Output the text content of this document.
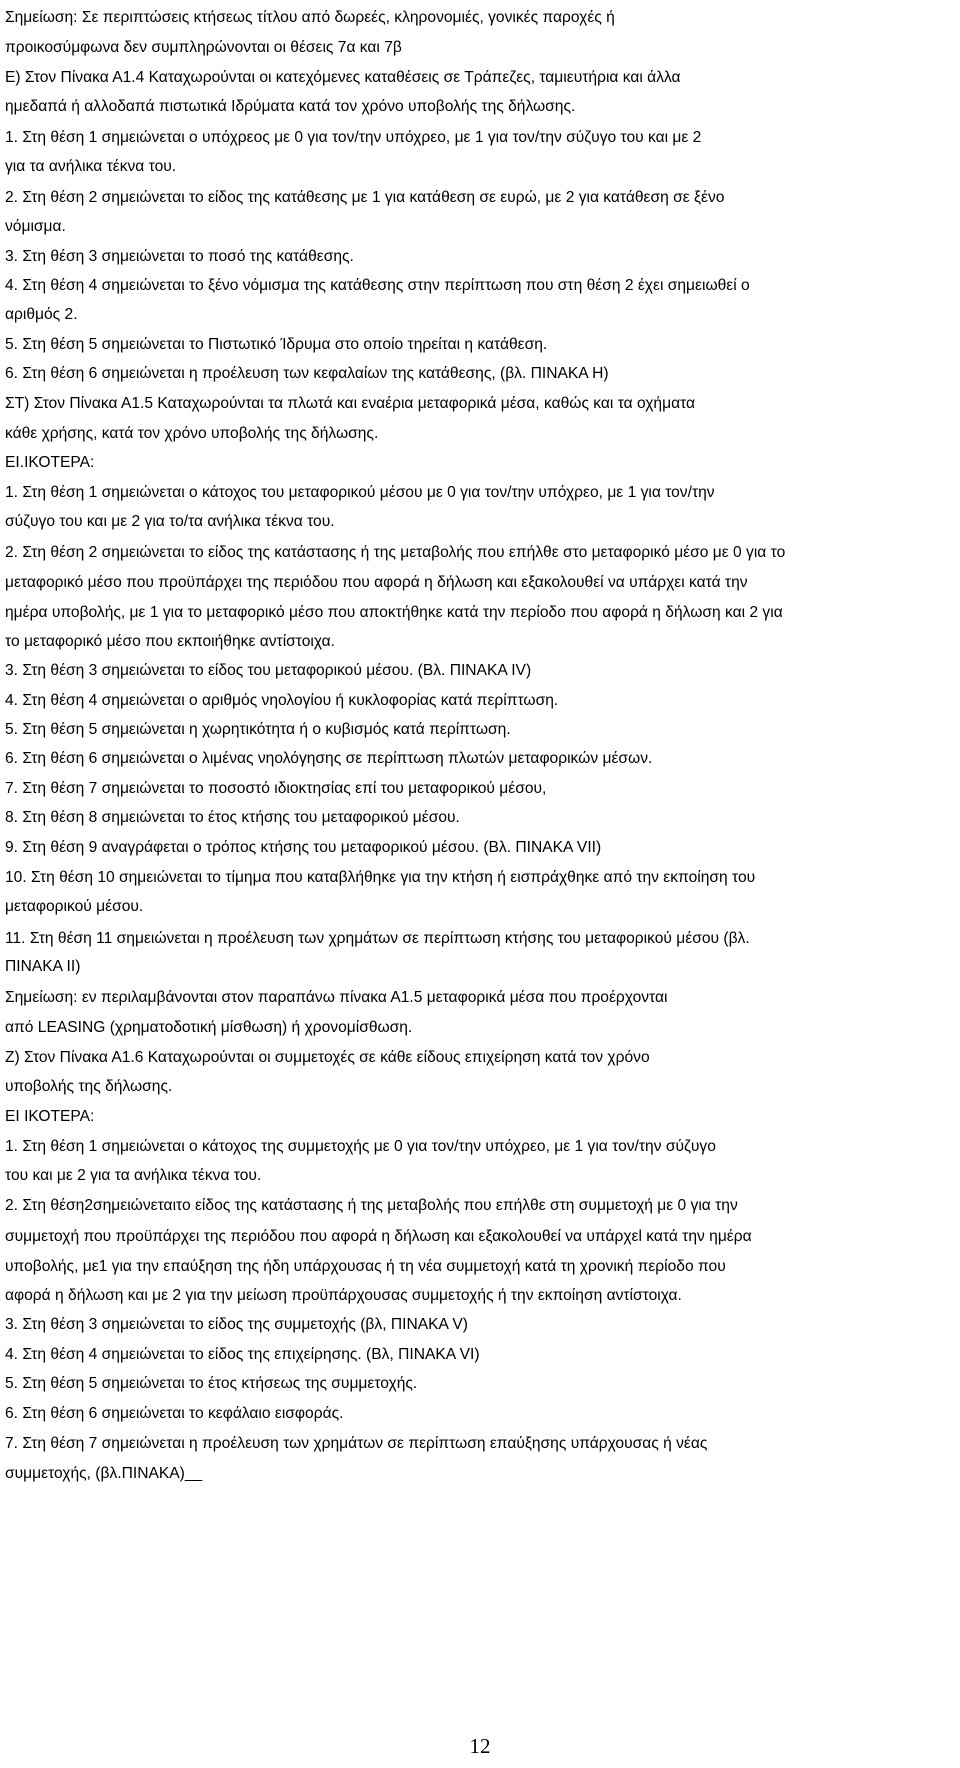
Σημείωση: Σε περιπτώσεις κτήσεως τίτλου από δωρεές, κληρονομιές, γονικές παροχές ή
προικοσύμφωνα δεν συμπληρώνονται οι θέσεις 7α και 7β
Ε) Στον Πίνακα Α1.4 Καταχωρούνται οι κατεχόμενες καταθέσεις σε Τράπεζες, ταμιευτήρια και άλλα
ημεδαπά ή αλλοδαπά πιστωτικά Ιδρύματα κατά τον χρόνο υποβολής της δήλωσης.
1. Στη θέση 1 σημειώνεται ο υπόχρεος με 0 για τον/την υπόχρεο, με 1 για τον/την σύζυγο του και με 2
για τα ανήλικα τέκνα του.
2. Στη θέση 2 σημειώνεται το είδος της κατάθεσης με 1 για κατάθεση σε ευρώ, με 2 για κατάθεση σε ξένο
νόμισμα.
3. Στη θέση 3 σημειώνεται το ποσό της κατάθεσης.
4. Στη θέση 4 σημειώνεται το ξένο νόμισμα της κατάθεσης στην περίπτωση που στη θέση 2 έχει σημειωθεί ο
αριθμός 2.
5. Στη θέση 5 σημειώνεται το Πιστωτικό Ίδρυμα στο οποίο τηρείται η κατάθεση.
6. Στη θέση 6 σημειώνεται η προέλευση των κεφαλαίων της κατάθεσης, (βλ. ΠΙΝΑΚΑ Η)
ΣΤ) Στον Πίνακα Α1.5 Καταχωρούνται τα πλωτά και εναέρια μεταφορικά μέσα, καθώς και τα οχήματα
κάθε χρήσης, κατά τον χρόνο υποβολής της δήλωσης.
ΕΙ.ΙΚΟΤΕΡΑ:
1. Στη θέση 1 σημειώνεται ο κάτοχος του μεταφορικού μέσου με 0 για τον/την υπόχρεο, με 1 για τον/την
σύζυγο του και με 2 για το/τα ανήλικα τέκνα του.
2. Στη θέση 2 σημειώνεται το είδος της κατάστασης ή της μεταβολής που επήλθε στο μεταφορικό μέσο με 0 για το
μεταφορικό μέσο που προϋπάρχει της περιόδου που αφορά η δήλωση και εξακολουθεί να υπάρχει κατά την
ημέρα υποβολής, με 1 για το μεταφορικό μέσο που αποκτήθηκε κατά την περίοδο που αφορά η δήλωση και 2 για
το μεταφορικό μέσο που εκποιήθηκε αντίστοιχα.
3. Στη θέση 3 σημειώνεται το είδος του μεταφορικού μέσου. (Βλ. ΠΙΝΑΚΑ ΙV)
4. Στη θέση 4 σημειώνεται ο αριθμός νηολογίου ή κυκλοφορίας κατά περίπτωση.
5. Στη θέση 5 σημειώνεται η χωρητικότητα ή ο κυβισμός κατά περίπτωση.
6. Στη θέση 6 σημειώνεται ο λιμένας νηολόγησης σε περίπτωση πλωτών μεταφορικών μέσων.
7. Στη θέση 7 σημειώνεται το ποσοστό ιδιοκτησίας επί του μεταφορικού μέσου,
8. Στη θέση 8 σημειώνεται το έτος κτήσης του μεταφορικού μέσου.
9. Στη θέση 9 αναγράφεται ο τρόπος κτήσης του μεταφορικού μέσου. (Βλ. ΠΙΝΑΚΑ VII)
10. Στη θέση 10 σημειώνεται το τίμημα που καταβλήθηκε για την κτήση ή εισπράχθηκε από την εκποίηση του
μεταφορικού μέσου.
11. Στη θέση 11 σημειώνεται η προέλευση των χρημάτων σε περίπτωση κτήσης του μεταφορικού μέσου (βλ.
ΠΙΝΑΚΑ ΙΙ)
Σημείωση: εν περιλαμβάνονται στον παραπάνω πίνακα Α1.5 μεταφορικά μέσα που προέρχονται
από LEASING (χρηματοδοτική μίσθωση) ή χρονομίσθωση.
Ζ) Στον Πίνακα Α1.6 Καταχωρούνται οι συμμετοχές σε κάθε είδους επιχείρηση κατά τον χρόνο
υποβολής της δήλωσης.
ΕΙ ΙΚΟΤΕΡΑ:
1. Στη θέση 1 σημειώνεται ο κάτοχος της συμμετοχής με 0 για τον/την υπόχρεο, με 1 για τον/την σύζυγο
του και με 2 για τα ανήλικα τέκνα του.
2. Στη θέση2σημειώνεταιτο είδος της κατάστασης ή της μεταβολής που επήλθε στη συμμετοχή με 0 για την
συμμετοχή που προϋπάρχει της περιόδου που αφορά η δήλωση και εξακολουθεί να υπάρχεl κατά την ημέρα
υποβολής, με1 για την επαύξηση της ήδη υπάρχουσας ή τη νέα συμμετοχή κατά τη χρονική περίοδο που
αφορά η δήλωση και με 2 για την μείωση προϋπάρχουσας συμμετοχής ή την εκποίηση αντίστοιχα.
3. Στη θέση 3 σημειώνεται το είδος της συμμετοχής (βλ, ΠΙΝΑΚΑ V)
4. Στη θέση 4 σημειώνεται το είδος της επιχείρησης. (Βλ, ΠΙΝΑΚΑ VI)
5. Στη θέση 5 σημειώνεται το έτος κτήσεως της συμμετοχής.
6. Στη θέση 6 σημειώνεται το κεφάλαιο εισφοράς.
7. Στη θέση 7 σημειώνεται η προέλευση των χρημάτων σε περίπτωση επαύξησης υπάρχουσας ή νέας
συμμετοχής, (βλ.ΠΙΝΑΚΑ)__
12
